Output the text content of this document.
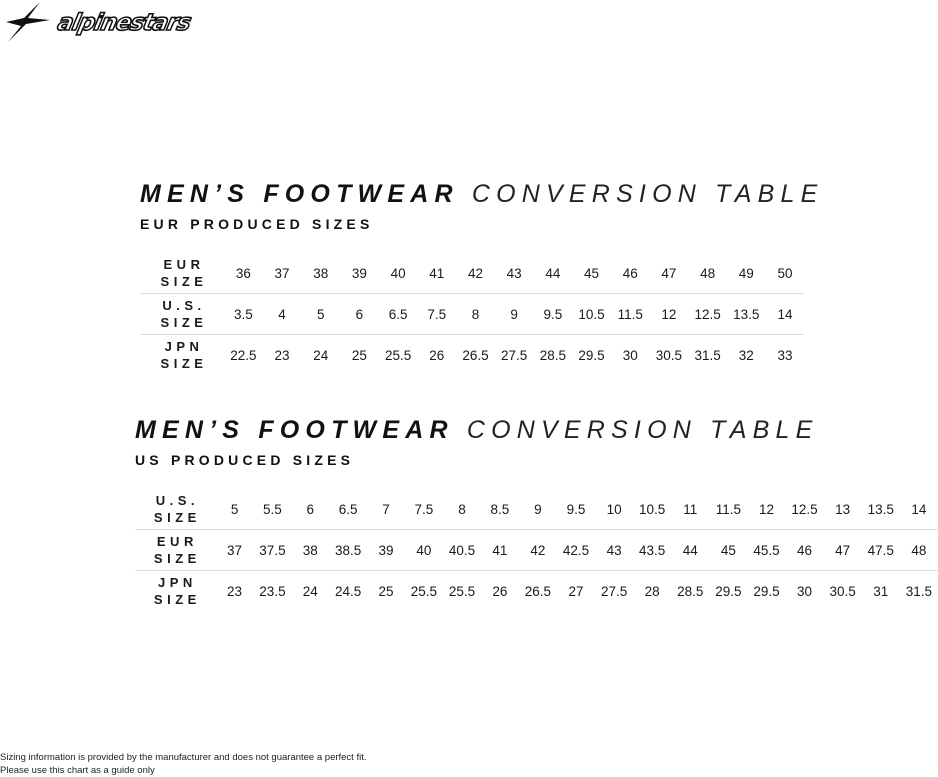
alpinestars
MEN’S FOOTWEAR CONVERSION TABLE
EUR PRODUCED SIZES
EUR
SIZE	36	37	38	39	40	41	42	43	44	45	46	47	48	49	50

U.S.
SIZE	3.5	4	5	6	6.5	7.5	8	9	9.5	10.5	11.5	12	12.5	13.5	14

JPN
SIZE	22.5	23	24	25	25.5	26	26.5	27.5	28.5	29.5	30	30.5	31.5	32	33
MEN’S FOOTWEAR CONVERSION TABLE
US PRODUCED SIZES
U.S.
SIZE	5	5.5	6	6.5	7	7.5	8	8.5	9	9.5	10	10.5	11	11.5	12	12.5	13	13.5	14

EUR
SIZE	37	37.5	38	38.5	39	40	40.5	41	42	42.5	43	43.5	44	45	45.5	46	47	47.5	48

JPN
SIZE	23	23.5	24	24.5	25	25.5	25.5	26	26.5	27	27.5	28	28.5	29.5	29.5	30	30.5	31	31.5
Sizing information is provided by the manufacturer and does not guarantee a perfect fit.
Please use this chart as a guide only
